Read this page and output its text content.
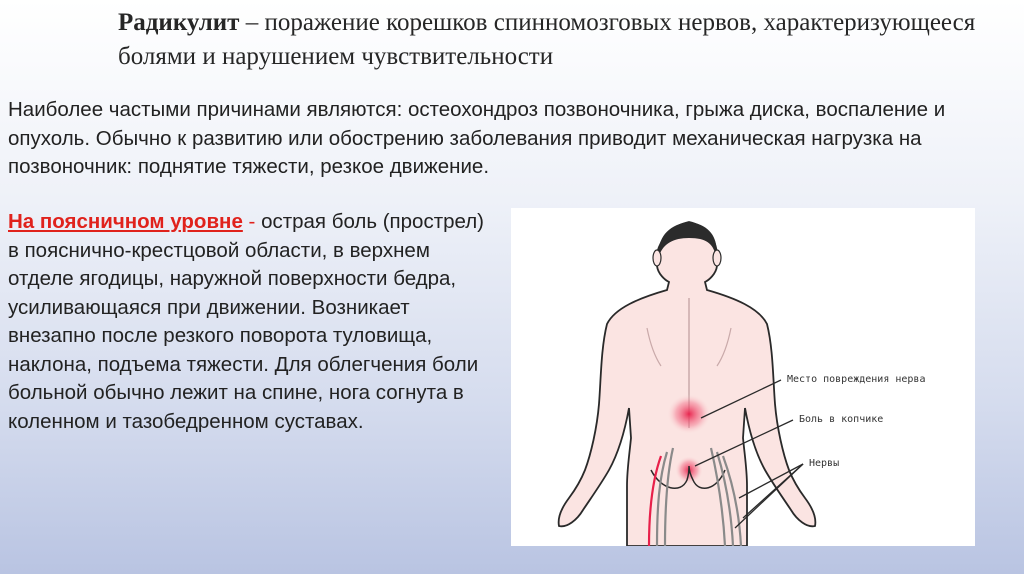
Радикулит – поражение корешков спинномозговых нервов, характеризующееся болями и нарушением чувствительности
Наиболее частыми причинами являются: остеохондроз позвоночника, грыжа диска, воспаление и опухоль. Обычно к развитию или обострению заболевания приводит механическая нагрузка на позвоночник: поднятие тяжести, резкое движение.
На поясничном уровне - острая боль (прострел) в пояснично-крестцовой области, в верхнем отделе ягодицы, наружной поверхности бедра, усиливающаяся при движении. Возникает внезапно после резкого поворота туловища, наклона, подъема тяжести. Для облегчения боли больной обычно лежит на спине, нога согнута в коленном и тазобедренном суставах.
Место повреждения нерва
Боль в копчике
Нервы
